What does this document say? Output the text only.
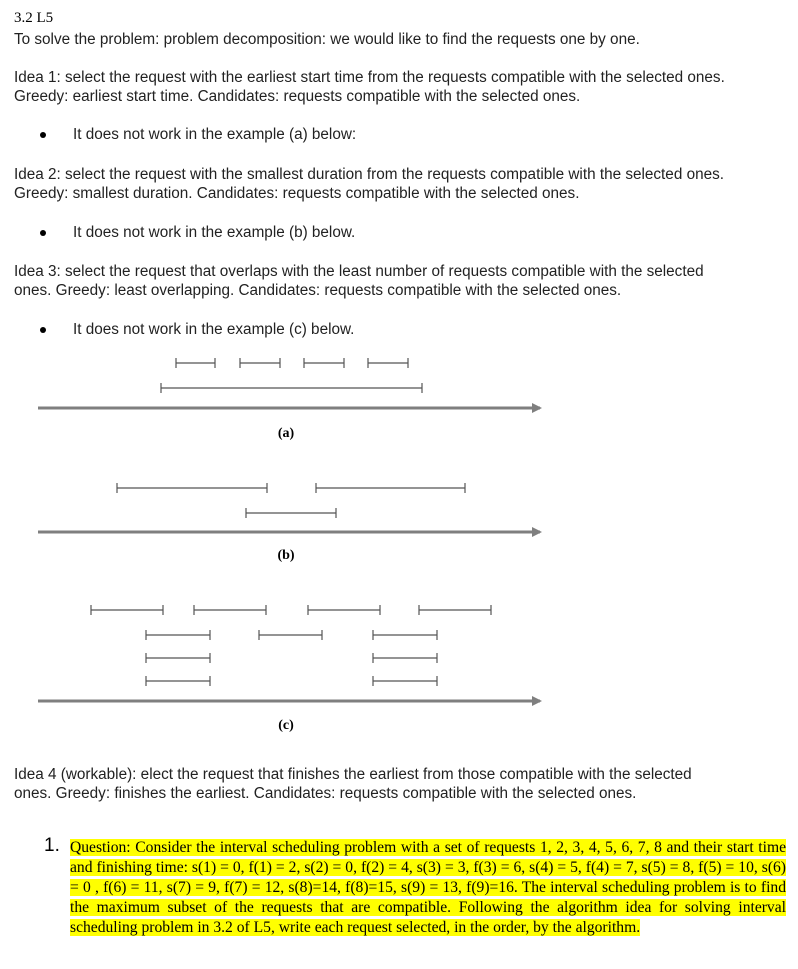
3.2 L5
To solve the problem: problem decomposition: we would like to find the requests one by one.
Idea 1: select the request with the earliest start time from the requests compatible with the selected ones.
Greedy: earliest start time. Candidates: requests compatible with the selected ones.
It does not work in the example (a) below:
Idea 2: select the request with the smallest duration from the requests compatible with the selected ones.
Greedy: smallest duration. Candidates: requests compatible with the selected ones.
It does not work in the example (b) below.
Idea 3: select the request that overlaps with the least number of requests compatible with the selected
ones. Greedy: least overlapping. Candidates: requests compatible with the selected ones.
It does not work in the example (c) below.
(a)
(b)
(c)
Idea 4 (workable): elect the request that finishes the earliest from those compatible with the selected
ones. Greedy: finishes the earliest. Candidates: requests compatible with the selected ones.
1. Question: Consider the interval scheduling problem with a set of requests 1, 2, 3, 4, 5, 6, 7, 8 and their start time and finishing time: s(1) = 0, f(1) = 2, s(2) = 0, f(2) = 4, s(3) = 3, f(3) = 6, s(4) = 5, f(4) = 7, s(5) = 8, f(5) = 10, s(6) = 0 , f(6) = 11, s(7) = 9, f(7) = 12, s(8)=14, f(8)=15, s(9) = 13, f(9)=16. The interval scheduling problem is to find the maximum subset of the requests that are compatible. Following the algorithm idea for solving interval scheduling problem in 3.2 of L5, write each request selected, in the order, by the algorithm.
